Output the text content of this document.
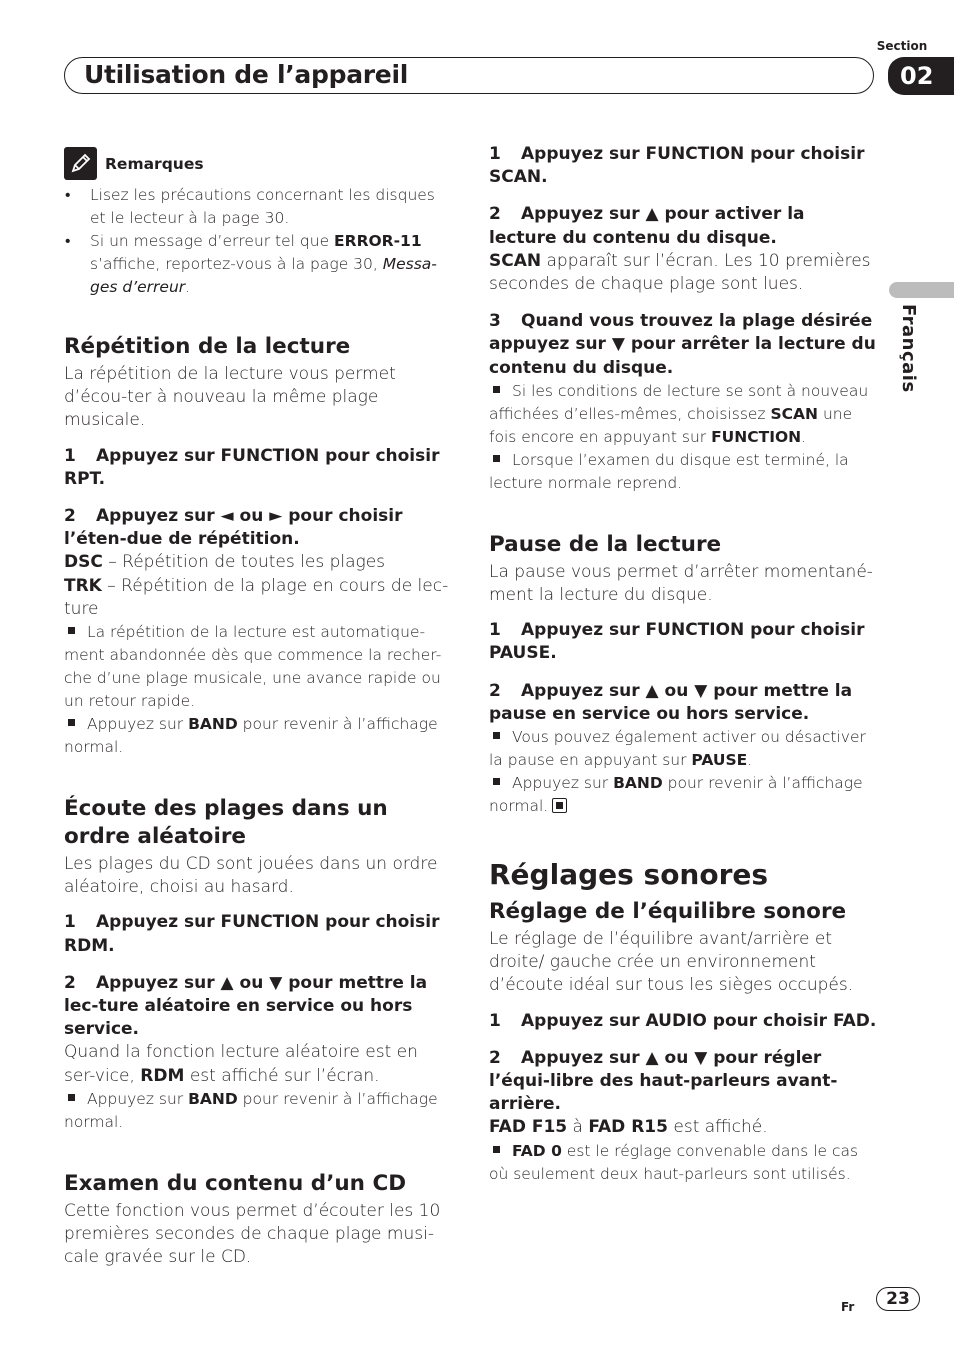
Section
Utilisation de l’appareil	02
Français
Remarques
• Lisez les précautions concernant les disques et le lecteur à la page 30.
• Si un message d’erreur tel que ERROR-11 s’affiche, reportez-vous à la page 30, Messa-ges d’erreur.
Répétition de la lecture
La répétition de la lecture vous permet d’écou-ter à nouveau la même plage musicale.
1 Appuyez sur FUNCTION pour choisir RPT.
2 Appuyez sur ◄ ou ► pour choisir l’éten-due de répétition.
DSC – Répétition de toutes les plages
TRK – Répétition de la plage en cours de lec-ture
La répétition de la lecture est automatique-ment abandonnée dès que commence la recher-che d’une plage musicale, une avance rapide ou un retour rapide.
Appuyez sur BAND pour revenir à l’affichage normal.
Écoute des plages dans un ordre aléatoire
Les plages du CD sont jouées dans un ordre aléatoire, choisi au hasard.
1 Appuyez sur FUNCTION pour choisir RDM.
2 Appuyez sur ▲ ou ▼ pour mettre la lec-ture aléatoire en service ou hors service.
Quand la fonction lecture aléatoire est en ser-vice, RDM est affiché sur l’écran.
Appuyez sur BAND pour revenir à l’affichage normal.
Examen du contenu d’un CD
Cette fonction vous permet d’écouter les 10 premières secondes de chaque plage musi-cale gravée sur le CD.
1 Appuyez sur FUNCTION pour choisir SCAN.
2 Appuyez sur ▲ pour activer la lecture du contenu du disque.
SCAN apparaît sur l’écran. Les 10 premières secondes de chaque plage sont lues.
3 Quand vous trouvez la plage désirée appuyez sur ▼ pour arrêter la lecture du contenu du disque.
Si les conditions de lecture se sont à nouveau affichées d’elles-mêmes, choisissez SCAN une fois encore en appuyant sur FUNCTION.
Lorsque l’examen du disque est terminé, la lecture normale reprend.
Pause de la lecture
La pause vous permet d’arrêter momentané-ment la lecture du disque.
1 Appuyez sur FUNCTION pour choisir PAUSE.
2 Appuyez sur ▲ ou ▼ pour mettre la pause en service ou hors service.
Vous pouvez également activer ou désactiver la pause en appuyant sur PAUSE.
Appuyez sur BAND pour revenir à l’affichage normal.
Réglages sonores
Réglage de l’équilibre sonore
Le réglage de l’équilibre avant/arrière et droite/ gauche crée un environnement d’écoute idéal sur tous les sièges occupés.
1 Appuyez sur AUDIO pour choisir FAD.
2 Appuyez sur ▲ ou ▼ pour régler l’équi-libre des haut-parleurs avant-arrière.
FAD F15 à FAD R15 est affiché.
FAD 0 est le réglage convenable dans le cas où seulement deux haut-parleurs sont utilisés.
Fr	23
